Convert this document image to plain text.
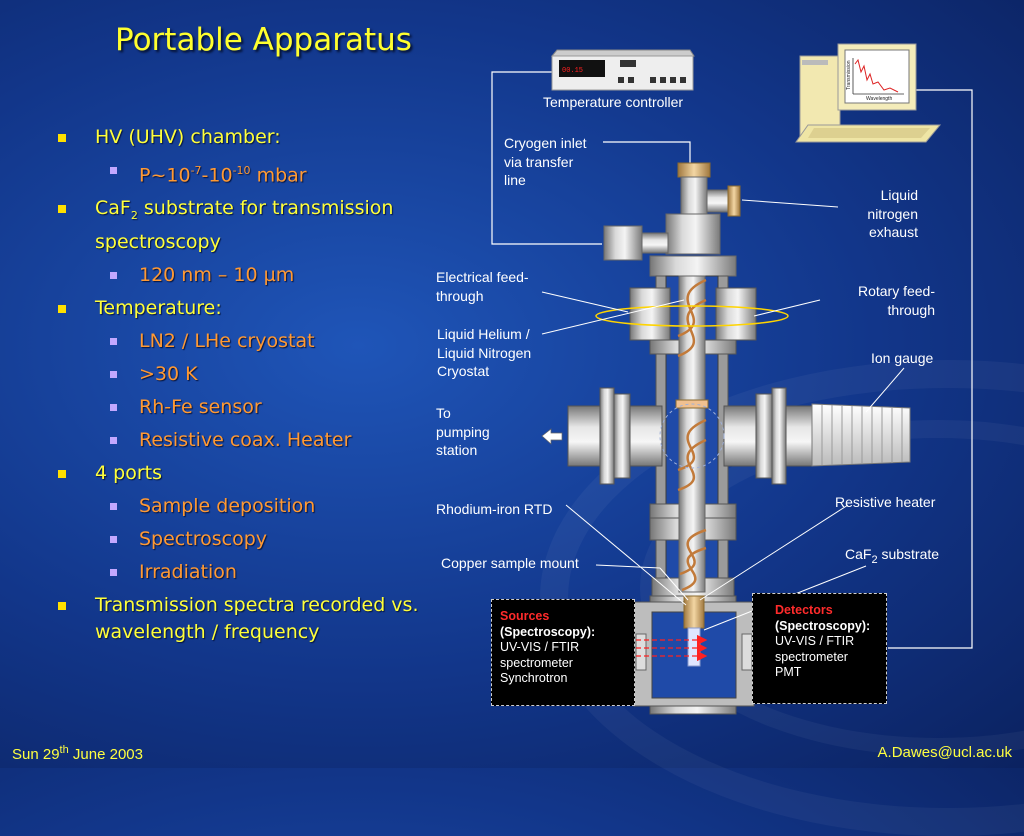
Portable Apparatus
HV (UHV) chamber:
$P\sim 10^{-7}-10^{-10}$ mbar
CaF$_2$ substrate for transmission spectroscopy
120 nm – 10 µm
Temperature:
LN2 / LHe cryostat
>30 K
Rh-Fe sensor
Resistive coax. Heater
4 ports
Sample deposition
Spectroscopy
Irradiation
Transmission spectra recorded vs. wavelength / frequency
Transmission
Wavelength
00.15
Temperature controller
Cryogen inlet
via transfer
line
Liquid
nitrogen
exhaust
Electrical feed-
through	Rotary feed-
through
Liquid Helium /
Liquid Nitrogen
Cryostat
Ion gauge
To
pumping
station
Rhodium-iron RTD	Resistive heater
Copper sample mount
CaF$_2$ substrate
Sources
(Spectroscopy):
UV-VIS / FTIR
spectrometer
Synchrotron
Detectors
(Spectroscopy):
UV-VIS / FTIR
spectrometer
PMT
Sun 29th June 2003	A.Dawes@ucl.ac.uk
